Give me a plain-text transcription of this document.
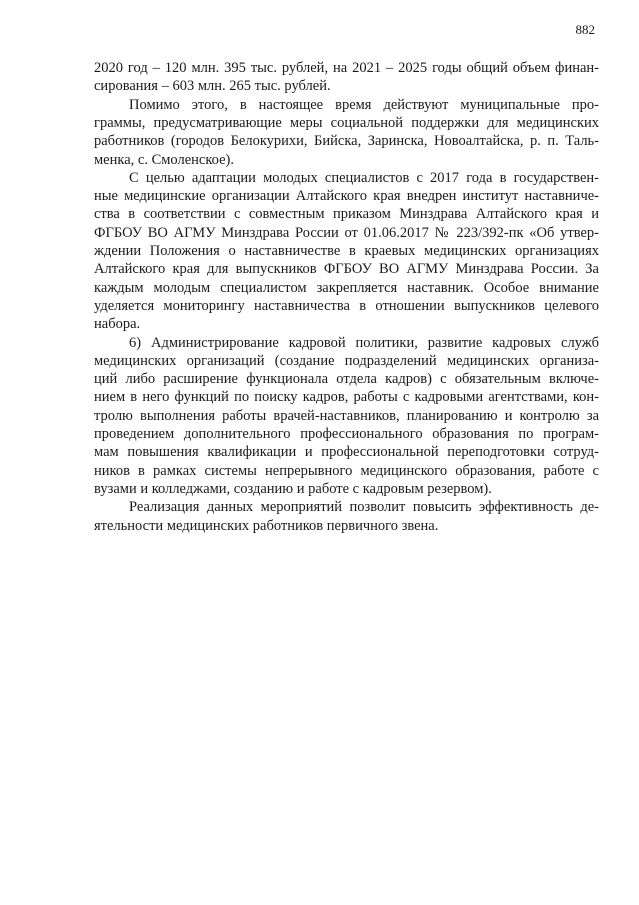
882
2020 год – 120 млн. 395 тыс. рублей, на 2021 – 2025 годы общий объем финан-
сирования – 603 млн. 265 тыс. рублей.
Помимо этого, в настоящее время действуют муниципальные про-
граммы, предусматривающие меры социальной поддержки для медицинских
работников (городов Белокурихи, Бийска, Заринска, Новоалтайска, р. п. Таль-
менка, с. Смоленское).
С целью адаптации молодых специалистов с 2017 года в государствен-
ные медицинские организации Алтайского края внедрен институт наставниче-
ства в соответствии с совместным приказом Минздрава Алтайского края и
ФГБОУ ВО АГМУ Минздрава России от 01.06.2017 № 223/392-пк «Об утвер-
ждении Положения о наставничестве в краевых медицинских организациях
Алтайского края для выпускников ФГБОУ ВО АГМУ Минздрава России. За
каждым молодым специалистом закрепляется наставник. Особое внимание
уделяется мониторингу наставничества в отношении выпускников целевого
набора.
6) Администрирование кадровой политики, развитие кадровых служб
медицинских организаций (создание подразделений медицинских организа-
ций либо расширение функционала отдела кадров) с обязательным включе-
нием в него функций по поиску кадров, работы с кадровыми агентствами, кон-
тролю выполнения работы врачей-наставников, планированию и контролю за
проведением дополнительного профессионального образования по програм-
мам повышения квалификации и профессиональной переподготовки сотруд-
ников в рамках системы непрерывного медицинского образования, работе с
вузами и колледжами, созданию и работе с кадровым резервом).
Реализация данных мероприятий позволит повысить эффективность де-
ятельности медицинских работников первичного звена.
